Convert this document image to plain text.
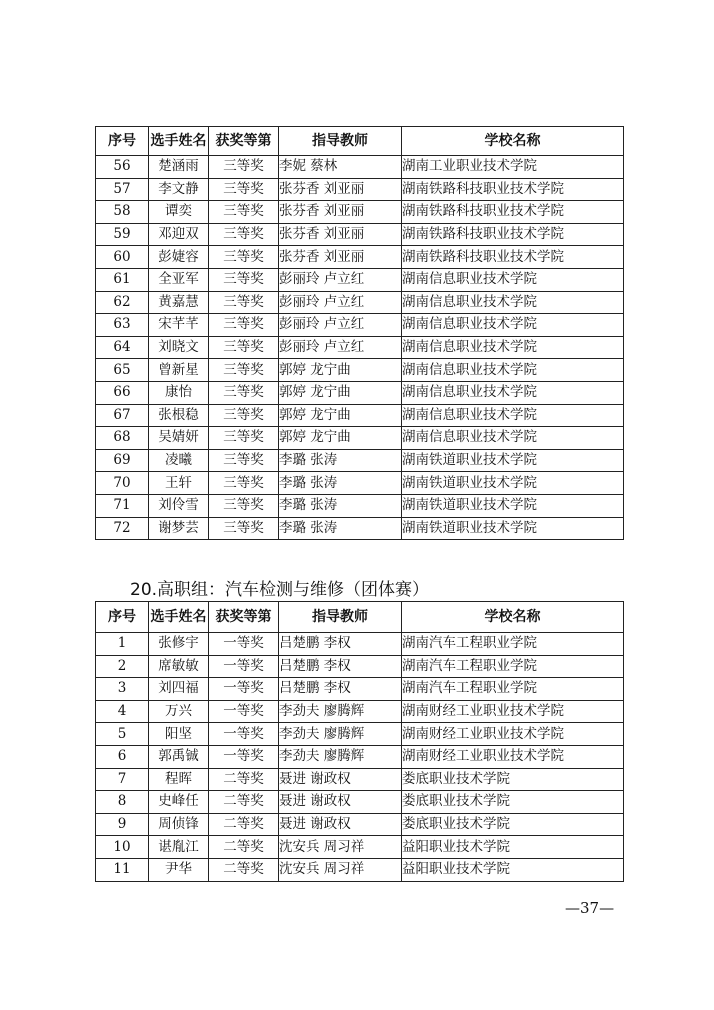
序号	选手姓名	获奖等第	指导教师	学校名称
56	楚涵雨	三等奖	李妮 蔡林	湖南工业职业技术学院
57	李文静	三等奖	张芬香 刘亚丽	湖南铁路科技职业技术学院
58	谭奕	三等奖	张芬香 刘亚丽	湖南铁路科技职业技术学院
59	邓迎双	三等奖	张芬香 刘亚丽	湖南铁路科技职业技术学院
60	彭婕容	三等奖	张芬香 刘亚丽	湖南铁路科技职业技术学院
61	全亚军	三等奖	彭丽玲 卢立红	湖南信息职业技术学院
62	黄嘉慧	三等奖	彭丽玲 卢立红	湖南信息职业技术学院
63	宋芊芊	三等奖	彭丽玲 卢立红	湖南信息职业技术学院
64	刘晓文	三等奖	彭丽玲 卢立红	湖南信息职业技术学院
65	曾新星	三等奖	郭婷 龙宁曲	湖南信息职业技术学院
66	康怡	三等奖	郭婷 龙宁曲	湖南信息职业技术学院
67	张根稳	三等奖	郭婷 龙宁曲	湖南信息职业技术学院
68	吴婧妍	三等奖	郭婷 龙宁曲	湖南信息职业技术学院
69	凌曦	三等奖	李璐 张涛	湖南铁道职业技术学院
70	王轩	三等奖	李璐 张涛	湖南铁道职业技术学院
71	刘伶雪	三等奖	李璐 张涛	湖南铁道职业技术学院
72	谢梦芸	三等奖	李璐 张涛	湖南铁道职业技术学院
20.高职组：汽车检测与维修（团体赛）
序号	选手姓名	获奖等第	指导教师	学校名称
1	张修宇	一等奖	吕楚鹏 李权	湖南汽车工程职业学院
2	席敏敏	一等奖	吕楚鹏 李权	湖南汽车工程职业学院
3	刘四福	一等奖	吕楚鹏 李权	湖南汽车工程职业学院
4	万兴	一等奖	李劲夫 廖腾辉	湖南财经工业职业技术学院
5	阳坚	一等奖	李劲夫 廖腾辉	湖南财经工业职业技术学院
6	郭禹铖	一等奖	李劲夫 廖腾辉	湖南财经工业职业技术学院
7	程晖	二等奖	聂进 谢政权	娄底职业技术学院
8	史峰任	二等奖	聂进 谢政权	娄底职业技术学院
9	周侦锋	二等奖	聂进 谢政权	娄底职业技术学院
10	谌胤江	二等奖	沈安兵 周习祥	益阳职业技术学院
11	尹华	二等奖	沈安兵 周习祥	益阳职业技术学院
—37—
